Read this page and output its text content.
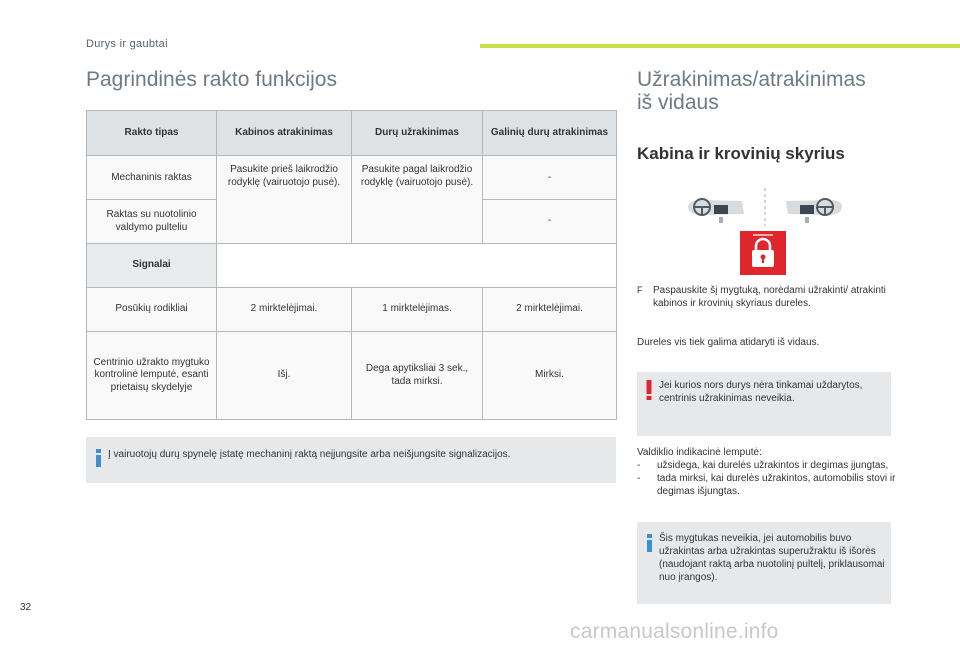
Durys ir gaubtai
Pagrindinės rakto funkcijos
Rakto tipas	Kabinos atrakinimas	Durų užrakinimas	Galinių durų atrakinimas
Mechaninis raktas	Pasukite prieš laikrodžio rodyklę (vairuotojo pusė).	Pasukite pagal laikrodžio rodyklę (vairuotojo pusė).	-
Raktas su nuotolinio valdymo pulteliu			-
Signalai			
Posūkių rodikliai	2 mirktelėjimai.	1 mirktelėjimas.	2 mirktelėjimai.
Centrinio užrakto mygtuko kontrolinė lemputė, esanti prietaisų skydelyje	Išj.	Dega apytiksliai 3 sek., tada mirksi.	Mirksi.
Į vairuotojų durų spynelę įstatę mechaninį raktą neįjungsite arba neišjungsite signalizacijos.
Užrakinimas/atrakinimas
iš vidaus
Kabina ir krovinių skyrius
F Paspauskite šį mygtuką, norėdami užrakinti/ atrakinti kabinos ir krovinių skyriaus dureles.
Dureles vis tiek galima atidaryti iš vidaus.
Jei kurios nors durys nėra tinkamai uždarytos, centrinis užrakinimas neveikia.
Valdiklio indikacinė lemputė:
- užsidega, kai durelės užrakintos ir degimas įjungtas,
- tada mirksi, kai durelės užrakintos, automobilis stovi ir degimas išjungtas.
Šis mygtukas neveikia, jei automobilis buvo užrakintas arba užrakintas superužraktu iš išorės (naudojant raktą arba nuotolinį pultelį, priklausomai nuo įrangos).
32
carmanualsonline.info
